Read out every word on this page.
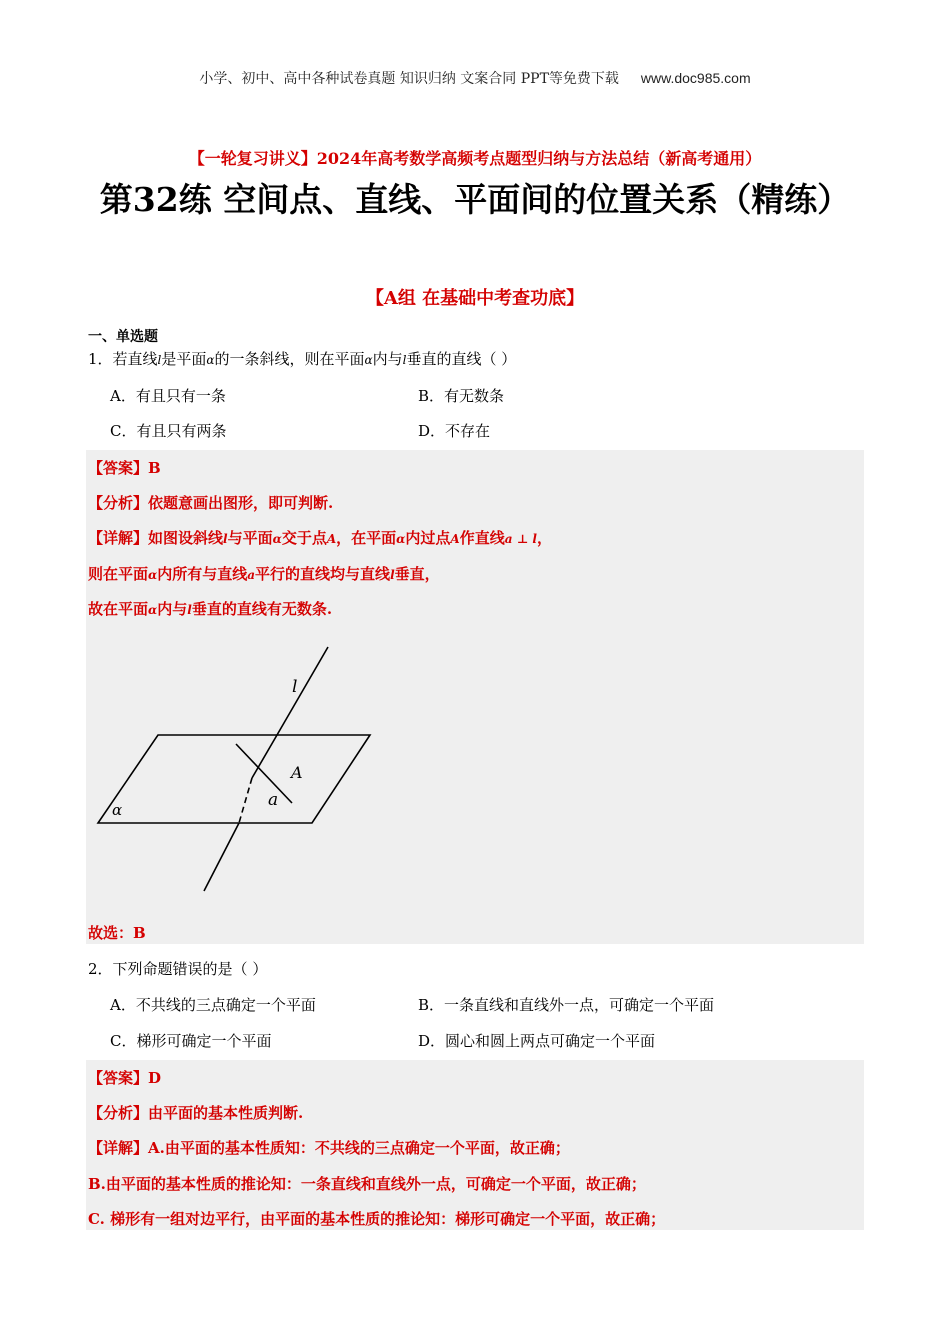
小学、初中、高中各种试卷真题 知识归纳 文案合同 PPT等免费下载 www.doc985.com
【一轮复习讲义】2024年高考数学高频考点题型归纳与方法总结（新高考通用）
第32练 空间点、直线、平面间的位置关系（精练）
【A组 在基础中考查功底】
一、单选题
1．若直线l是平面α的一条斜线，则在平面α内与l垂直的直线（ ）
A．有且只有一条	B．有无数条
C．有且只有两条	D．不存在
【答案】B
【分析】依题意画出图形，即可判断.
【详解】如图设斜线l与平面α交于点A，在平面α内过点A作直线a ⊥ l，
则在平面α内所有与直线a平行的直线均与直线l垂直，
故在平面α内与l垂直的直线有无数条.
l
A
a
α
故选：B
2．下列命题错误的是（ ）
A．不共线的三点确定一个平面	B．一条直线和直线外一点，可确定一个平面
C．梯形可确定一个平面	D．圆心和圆上两点可确定一个平面
【答案】D
【分析】由平面的基本性质判断.
【详解】A.由平面的基本性质知：不共线的三点确定一个平面，故正确；
B.由平面的基本性质的推论知：一条直线和直线外一点，可确定一个平面，故正确；
C. 梯形有一组对边平行，由平面的基本性质的推论知：梯形可确定一个平面，故正确；
